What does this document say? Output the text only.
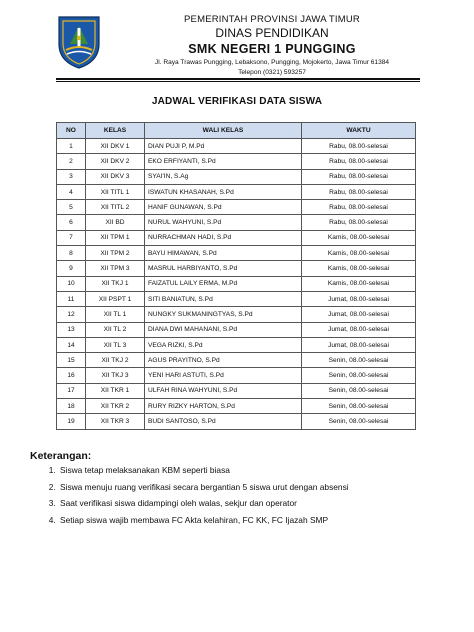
PEMERINTAH PROVINSI JAWA TIMUR
DINAS PENDIDIKAN
SMK NEGERI 1 PUNGGING
Jl. Raya Trawas Pungging, Lebaksono, Pungging, Mojokerto, Jawa Timur 61384
Telepon (0321) 593257
JADWAL VERIFIKASI DATA SISWA
NO	KELAS	WALI KELAS	WAKTU
1	XII DKV 1	DIAN PUJI P, M.Pd	Rabu, 08.00-selesai
2	XII DKV 2	EKO ERFIYANTI, S.Pd	Rabu, 08.00-selesai
3	XII DKV 3	SYAI'IN, S.Ag	Rabu, 08.00-selesai
4	XII TITL 1	ISWATUN KHASANAH, S.Pd	Rabu, 08.00-selesai
5	XII TITL 2	HANIF GUNAWAN, S.Pd	Rabu, 08.00-selesai
6	XII BD	NURUL WAHYUNI, S.Pd	Rabu, 08.00-selesai
7	XII TPM 1	NURRACHMAN HADI, S.Pd	Kamis, 08.00-selesai
8	XII TPM 2	BAYU HIMAWAN, S.Pd	Kamis, 08.00-selesai
9	XII TPM 3	MASRUL HARBIYANTO, S.Pd	Kamis, 08.00-selesai
10	XII TKJ 1	FAIZATUL LAILY ERMA, M.Pd	Kamis, 08.00-selesai
11	XII PSPT 1	SITI BANIATUN, S.Pd	Jumat, 08.00-selesai
12	XII TL 1	NUNGKY SUKMANINGTYAS, S.Pd	Jumat, 08.00-selesai
13	XII TL 2	DIANA DWI MAHANANI, S.Pd	Jumat, 08.00-selesai
14	XII TL 3	VEGA RIZKI, S.Pd	Jumat, 08.00-selesai
15	XII TKJ 2	AGUS PRAYITNO, S.Pd	Senin, 08.00-selesai
16	XII TKJ 3	YENI HARI ASTUTI, S.Pd	Senin, 08.00-selesai
17	XII TKR 1	ULFAH RINA WAHYUNI, S.Pd	Senin, 08.00-selesai
18	XII TKR 2	RURY RIZKY HARTON, S.Pd	Senin, 08.00-selesai
19	XII TKR 3	BUDI SANTOSO, S.Pd	Senin, 08.00-selesai
Keterangan:
1. Siswa tetap melaksanakan KBM seperti biasa
2. Siswa menuju ruang verifikasi secara bergantian 5 siswa urut dengan absensi
3. Saat verifikasi siswa didampingi oleh walas, sekjur dan operator
4. Setiap siswa wajib membawa FC Akta kelahiran, FC KK, FC Ijazah SMP
